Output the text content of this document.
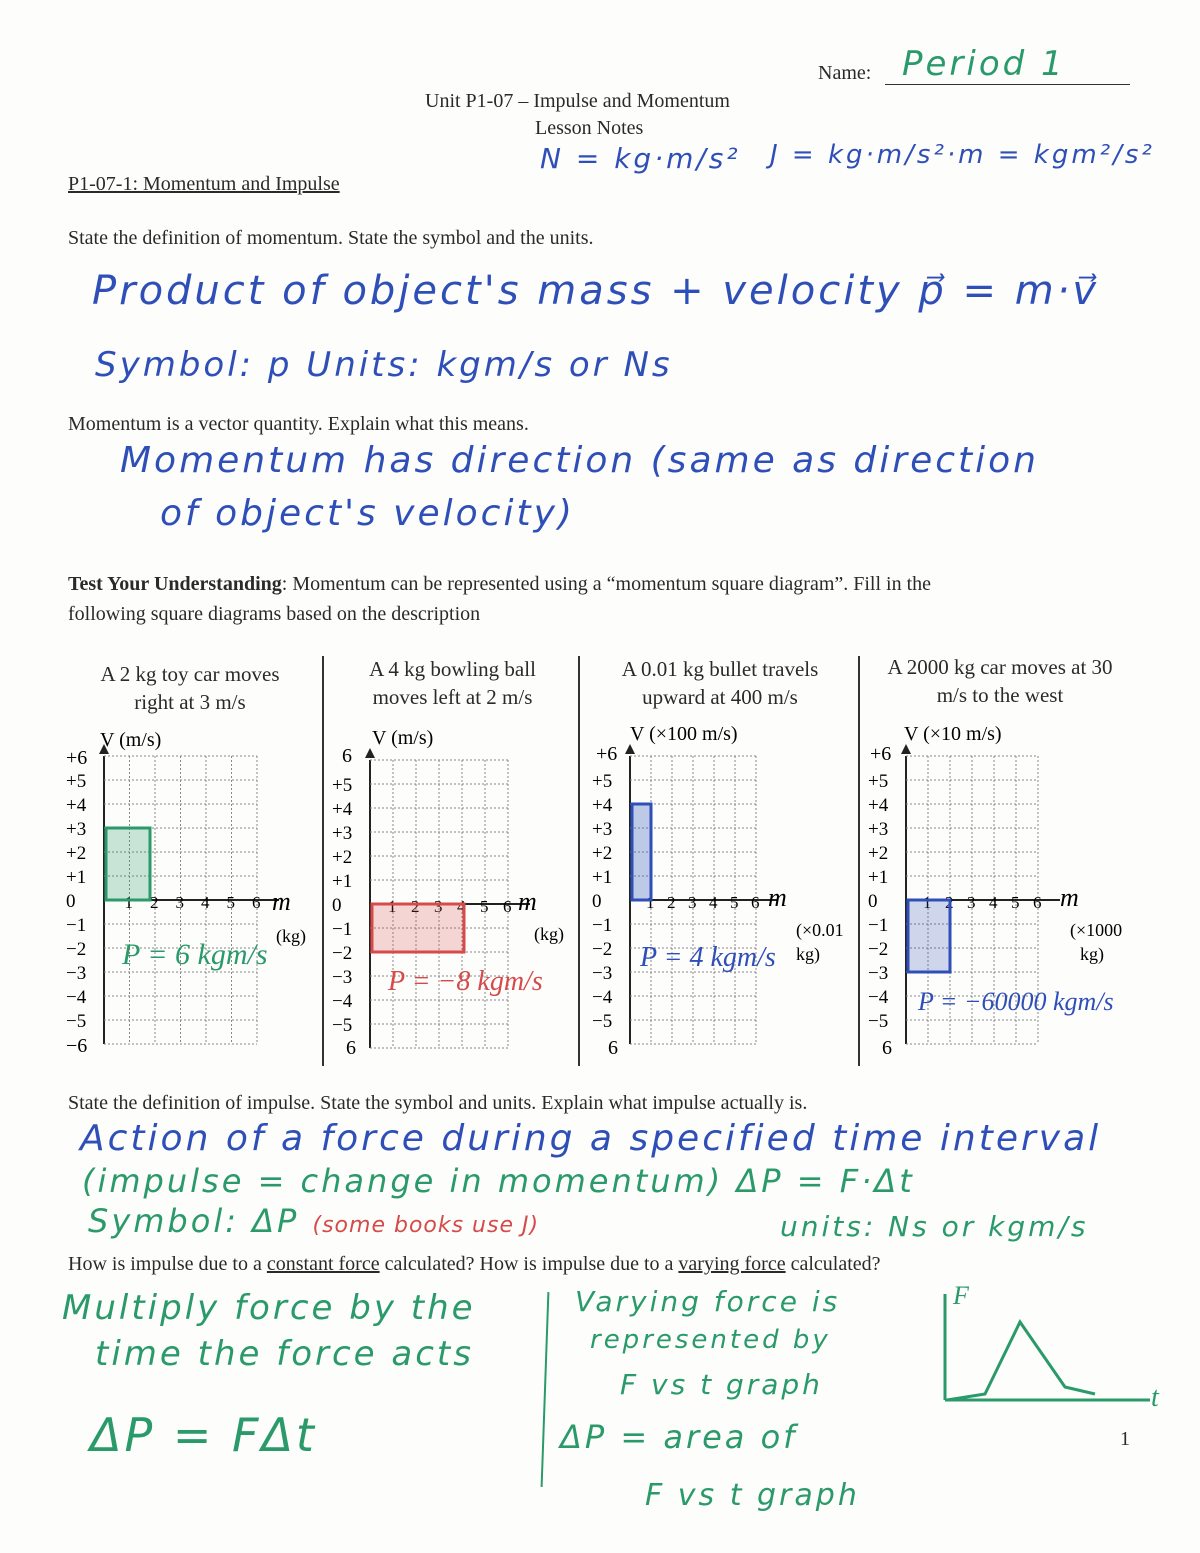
Name: Period 1
Unit P1-07 – Impulse and Momentum
Lesson Notes
N = kg·m/s² J = kg·m/s²·m = kgm²/s²
P1-07-1: Momentum and Impulse
State the definition of momentum. State the symbol and the units.
Product of object's mass + velocity p⃗ = m·v⃗
Symbol: p Units: kgm/s or Ns
Momentum is a vector quantity. Explain what this means.
Momentum has direction (same as direction
of object's velocity)
Test Your Understanding: Momentum can be represented using a “momentum square diagram”. Fill in the
following square diagrams based on the description
A 2 kg toy car moves
right at 3 m/s
A 4 kg bowling ball
moves left at 2 m/s
A 0.01 kg bullet travels
upward at 400 m/s
A 2000 kg car moves at 30
m/s to the west
+5
+4
+3
+2
+1
0
−1
−2
−3
−4
−5
1 2 3 4 5 6
V (m/s)
+6
−6
m
(kg)
P = 6 kgm/s
+5
+4
+3
+2
+1
0
−1
−2
−3
−4
−5
1 2 3 4 5 6
V (m/s)
6
6
m
(kg)
P = −8 kgm/s
+5
+4
+3
+2
+1
0
−1
−2
−3
−4
−5
1 2 3 4 5 6
V (×100 m/s)
+6
6
m
(×0.01
kg)
P = 4 kgm/s
+5
+4
+3
+2
+1
0
−1
−2
−3
−4
−5
1 2 3 4 5 6
V (×10 m/s)
+6
6
m
(×1000
kg)
P = −60000 kgm/s
State the definition of impulse. State the symbol and units. Explain what impulse actually is.
Action of a force during a specified time interval
(impulse = change in momentum) ΔP = F·Δt
Symbol: ΔP (some books use J)	units: Ns or kgm/s
How is impulse due to a constant force calculated? How is impulse due to a varying force calculated?
Multiply force by the
time the force acts
ΔP = FΔt
Varying force is
represented by
F vs t graph
ΔP = area of
F vs t graph
F
t
1
